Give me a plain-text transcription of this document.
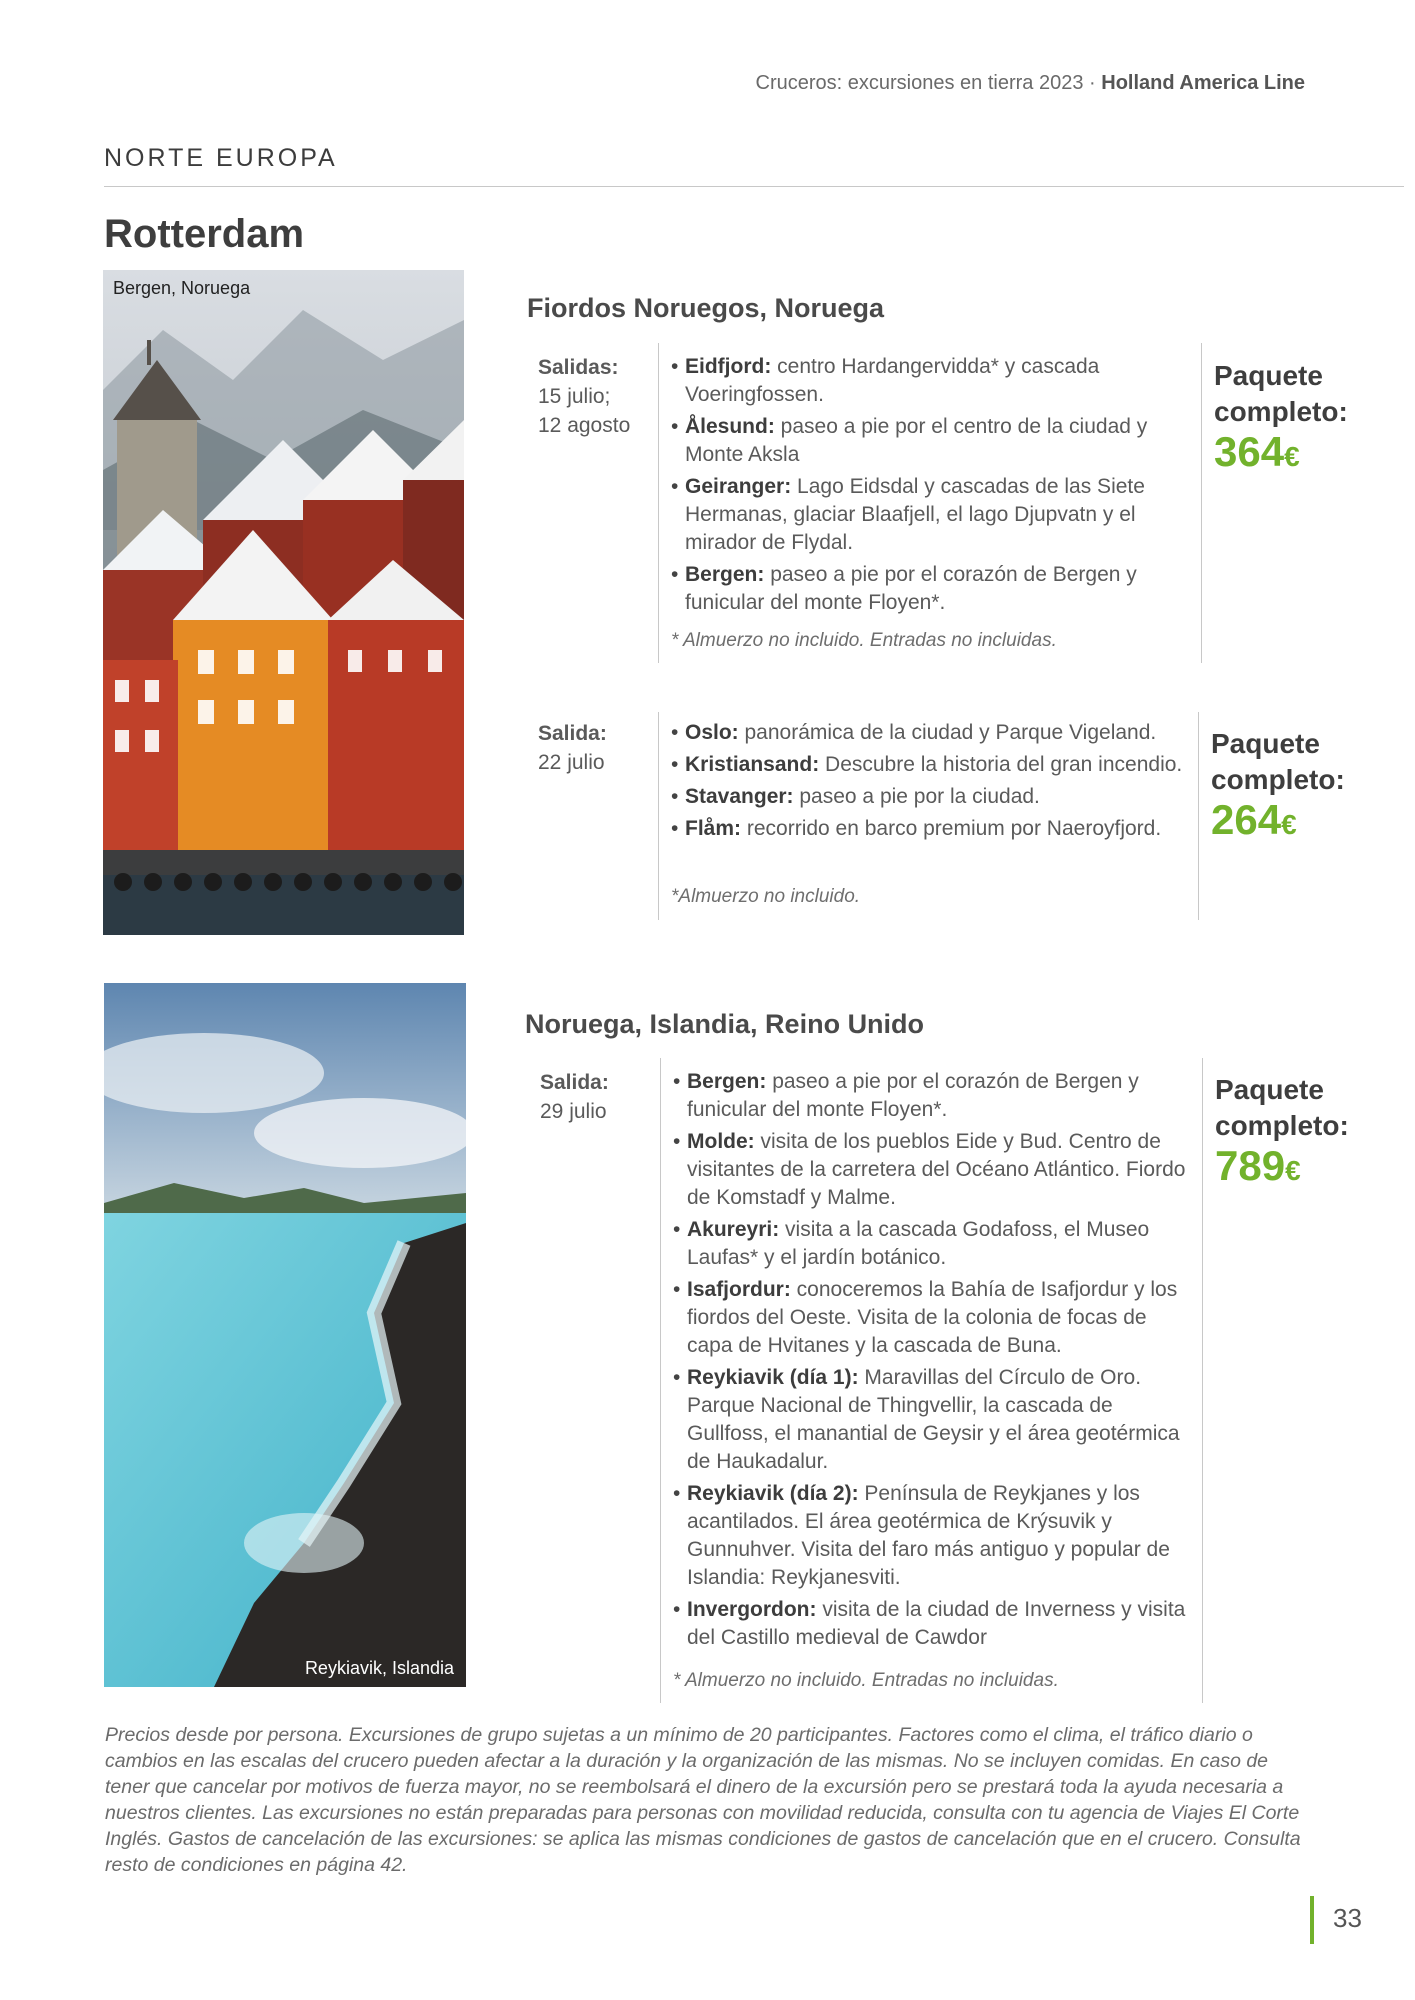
Cruceros: excursiones en tierra 2023 · Holland America Line
NORTE EUROPA
Rotterdam
Bergen, Noruega
Reykiavik, Islandia
Fiordos Noruegos, Noruega
Salidas:
15 julio;
12 agosto
• Eidfjord: centro Hardangervidda* y cascada Voeringfossen.
• Ålesund: paseo a pie por el centro de la ciudad y Monte Aksla
• Geiranger: Lago Eidsdal y cascadas de las Siete Hermanas, glaciar Blaafjell, el lago Djupvatn y el mirador de Flydal.
• Bergen: paseo a pie por el corazón de Bergen y funicular del monte Floyen*.
* Almuerzo no incluido. Entradas no incluidas.
Paquete
completo:
364€
Salida:
22 julio
• Oslo: panorámica de la ciudad y Parque Vigeland.
• Kristiansand: Descubre la historia del gran incendio.
• Stavanger: paseo a pie por la ciudad.
• Flåm: recorrido en barco premium por Naeroyfjord.
*Almuerzo no incluido.
Paquete
completo:
264€
Noruega, Islandia, Reino Unido
Salida:
29 julio
• Bergen: paseo a pie por el corazón de Bergen y funicular del monte Floyen*.
• Molde: visita de los pueblos Eide y Bud. Centro de visitantes de la carretera del Océano Atlántico. Fiordo de Komstadf y Malme.
• Akureyri: visita a la cascada Godafoss, el Museo Laufas* y el jardín botánico.
• Isafjordur: conoceremos la Bahía de Isafjordur y los fiordos del Oeste. Visita de la colonia de focas de capa de Hvitanes y la cascada de Buna.
• Reykiavik (día 1): Maravillas del Círculo de Oro. Parque Nacional de Thingvellir, la cascada de Gullfoss, el manantial de Geysir y el área geotérmica de Haukadalur.
• Reykiavik (día 2): Península de Reykjanes y los acantilados. El área geotérmica de Krýsuvik y Gunnuhver. Visita del faro más antiguo y popular de Islandia: Reykjanesviti.
• Invergordon: visita de la ciudad de Inverness y visita del Castillo medieval de Cawdor
* Almuerzo no incluido. Entradas no incluidas.
Paquete
completo:
789€
Precios desde por persona. Excursiones de grupo sujetas a un mínimo de 20 participantes. Factores como el clima, el tráfico diario o cambios en las escalas del crucero pueden afectar a la duración y la organización de las mismas. No se incluyen comidas. En caso de tener que cancelar por motivos de fuerza mayor, no se reembolsará el dinero de la excursión pero se prestará toda la ayuda necesaria a nuestros clientes. Las excursiones no están preparadas para personas con movilidad reducida, consulta con tu agencia de Viajes El Corte Inglés. Gastos de cancelación de las excursiones: se aplica las mismas condiciones de gastos de cancelación que en el crucero. Consulta resto de condiciones en página 42.
33
